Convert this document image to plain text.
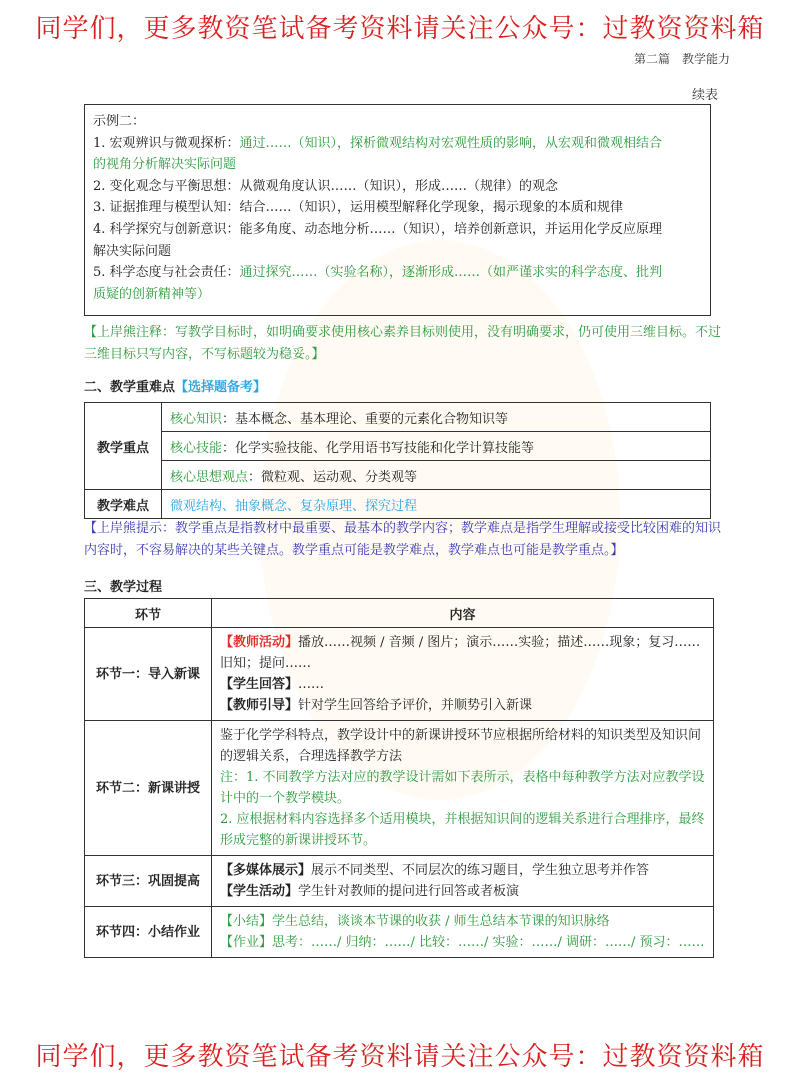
同学们，更多教资笔试备考资料请关注公众号：过教资资料箱
第二篇　教学能力
续表
示例二：
1. 宏观辨识与微观探析：通过……（知识），探析微观结构对宏观性质的影响，从宏观和微观相结合
的视角分析解决实际问题
2. 变化观念与平衡思想：从微观角度认识……（知识），形成……（规律）的观念
3. 证据推理与模型认知：结合……（知识），运用模型解释化学现象，揭示现象的本质和规律
4. 科学探究与创新意识：能多角度、动态地分析……（知识），培养创新意识，并运用化学反应原理
解决实际问题
5. 科学态度与社会责任：通过探究……（实验名称），逐渐形成……（如严谨求实的科学态度、批判
质疑的创新精神等）
【上岸熊注释：写教学目标时，如明确要求使用核心素养目标则使用，没有明确要求，仍可使用三维目标。不过三维目标只写内容，不写标题较为稳妥。】
二、教学重难点【选择题备考】
教学重点	核心知识：基本概念、基本理论、重要的元素化合物知识等
	核心技能：化学实验技能、化学用语书写技能和化学计算技能等
	核心思想观点：微粒观、运动观、分类观等
教学难点	微观结构、抽象概念、复杂原理、探究过程
【上岸熊提示：教学重点是指教材中最重要、最基本的教学内容；教学难点是指学生理解或接受比较困难的知识内容时，不容易解决的某些关键点。教学重点可能是教学难点，教学难点也可能是教学重点。】
三、教学过程
环节	内容
环节一：导入新课	【教师活动】播放……视频 / 音频 / 图片；演示……实验；描述……现象；复习……旧知；提问……
【学生回答】……
【教师引导】针对学生回答给予评价，并顺势引入新课

环节二：新课讲授	鉴于化学学科特点，教学设计中的新课讲授环节应根据所给材料的知识类型及知识间的逻辑关系，合理选择教学方法
注：1. 不同教学方法对应的教学设计需如下表所示，表格中每种教学方法对应教学设计中的一个教学模块。
2. 应根据材料内容选择多个适用模块，并根据知识间的逻辑关系进行合理排序，最终形成完整的新课讲授环节。

环节三：巩固提高	【多媒体展示】展示不同类型、不同层次的练习题目，学生独立思考并作答
【学生活动】学生针对教师的提问进行回答或者板演

环节四：小结作业	【小结】学生总结，谈谈本节课的收获 / 师生总结本节课的知识脉络
【作业】思考：……/ 归纳：……/ 比较：……/ 实验：……/ 调研：……/ 预习：……
同学们，更多教资笔试备考资料请关注公众号：过教资资料箱
